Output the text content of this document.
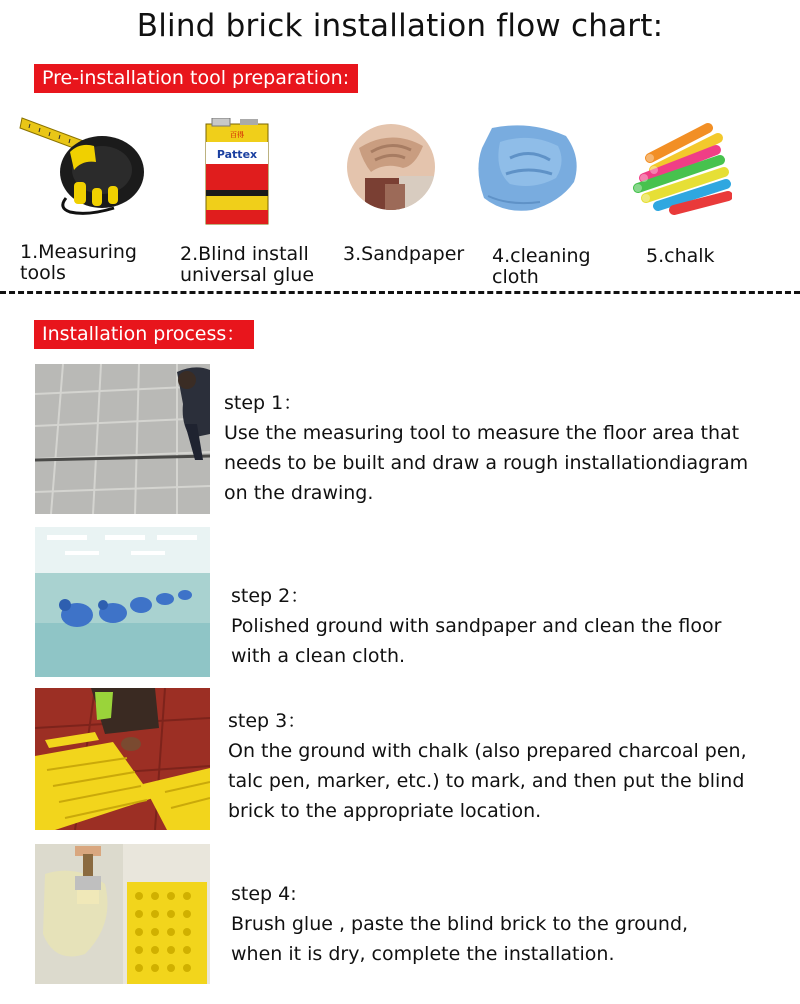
Blind brick installation flow chart:
Pre-installation tool preparation:
百得
Pattex
1.Measuring
tools
2.Blind install
universal glue
3.Sandpaper 4.cleaning
cloth
5.chalk
Installation process：
step 1：
Use the measuring tool to measure the floor area that
needs to be built and draw a rough installationdiagram
on the drawing.
step 2：
Polished ground with sandpaper and clean the floor
with a clean cloth.
step 3：
On the ground with chalk (also prepared charcoal pen,
talc pen, marker, etc.) to mark, and then put the blind
brick to the appropriate location.
step 4:
Brush glue , paste the blind brick to the ground,
when it is dry, complete the installation.
